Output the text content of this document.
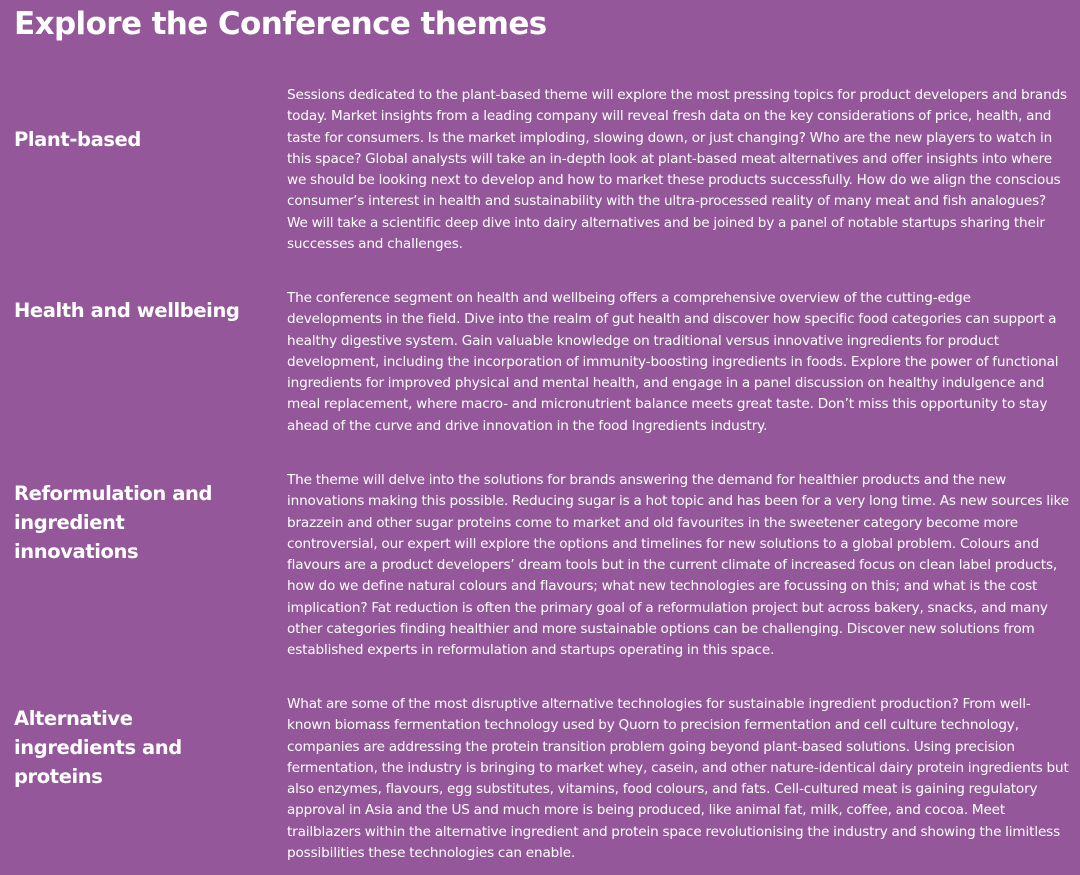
Explore the Conference themes
Plant-based

Sessions dedicated to the plant-based theme will explore the most pressing topics for product developers and brands today. Market insights from a leading company will reveal fresh data on the key considerations of price, health, and taste for consumers. Is the market imploding, slowing down, or just changing? Who are the new players to watch in this space? Global analysts will take an in-depth look at plant-based meat alternatives and offer insights into where we should be looking next to develop and how to market these products successfully. How do we align the conscious consumer’s interest in health and sustainability with the ultra-processed reality of many meat and fish analogues? We will take a scientific deep dive into dairy alternatives and be joined by a panel of notable startups sharing their successes and challenges.

Health and wellbeing

The conference segment on health and wellbeing offers a comprehensive overview of the cutting-edge developments in the field. Dive into the realm of gut health and discover how specific food categories can support a healthy digestive system. Gain valuable knowledge on traditional versus innovative ingredients for product development, including the incorporation of immunity-boosting ingredients in foods. Explore the power of functional ingredients for improved physical and mental health, and engage in a panel discussion on healthy indulgence and meal replacement, where macro- and micronutrient balance meets great taste. Don’t miss this opportunity to stay ahead of the curve and drive innovation in the food Ingredients industry.

Reformulation and ingredient innovations

The theme will delve into the solutions for brands answering the demand for healthier products and the new innovations making this possible. Reducing sugar is a hot topic and has been for a very long time. As new sources like brazzein and other sugar proteins come to market and old favourites in the sweetener category become more controversial, our expert will explore the options and timelines for new solutions to a global problem. Colours and flavours are a product developers’ dream tools but in the current climate of increased focus on clean label products, how do we define natural colours and flavours; what new technologies are focussing on this; and what is the cost implication? Fat reduction is often the primary goal of a reformulation project but across bakery, snacks, and many other categories finding healthier and more sustainable options can be challenging. Discover new solutions from established experts in reformulation and startups operating in this space.

Alternative ingredients and proteins

What are some of the most disruptive alternative technologies for sustainable ingredient production? From well-known biomass fermentation technology used by Quorn to precision fermentation and cell culture technology, companies are addressing the protein transition problem going beyond plant-based solutions. Using precision fermentation, the industry is bringing to market whey, casein, and other nature-identical dairy protein ingredients but also enzymes, flavours, egg substitutes, vitamins, food colours, and fats. Cell-cultured meat is gaining regulatory approval in Asia and the US and much more is being produced, like animal fat, milk, coffee, and cocoa. Meet trailblazers within the alternative ingredient and protein space revolutionising the industry and showing the limitless possibilities these technologies can enable.
